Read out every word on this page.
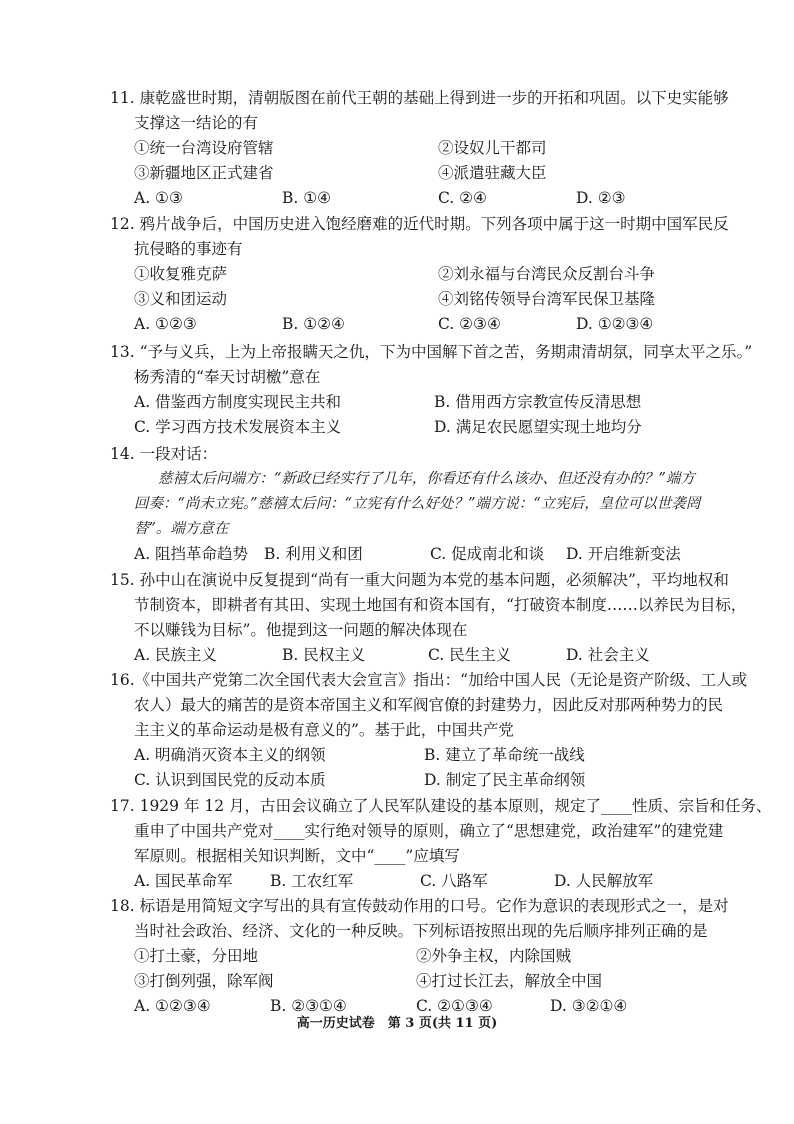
11. 康乾盛世时期，清朝版图在前代王朝的基础上得到进一步的开拓和巩固。以下史实能够
支撑这一结论的有
①统一台湾设府管辖	②设奴儿干都司
③新疆地区正式建省	④派遣驻藏大臣
A. ①③	B. ①④	C. ②④	D. ②③
12. 鸦片战争后，中国历史进入饱经磨难的近代时期。下列各项中属于这一时期中国军民反
抗侵略的事迹有
①收复雅克萨	②刘永福与台湾民众反割台斗争
③义和团运动	④刘铭传领导台湾军民保卫基隆
A. ①②③	B. ①②④	C. ②③④	D. ①②③④
13. “予与义兵，上为上帝报瞒天之仇，下为中国解下首之苦，务期肃清胡氛，同享太平之乐。”
杨秀清的“奉天讨胡檄”意在
A. 借鉴西方制度实现民主共和	B. 借用西方宗教宣传反清思想
C. 学习西方技术发展资本主义	D. 满足农民愿望实现土地均分
14. 一段对话：
慈禧太后问端方：“新政已经实行了几年，你看还有什么该办、但还没有办的？”端方
回奏：“尚未立宪。”慈禧太后问：“立宪有什么好处？”端方说：“立宪后，皇位可以世袭罔
替”。端方意在
A. 阻挡革命趋势 B. 利用义和团	C. 促成南北和谈 D. 开启维新变法
15. 孙中山在演说中反复提到“尚有一重大问题为本党的基本问题，必须解决”，平均地权和
节制资本，即耕者有其田、实现土地国有和资本国有，“打破资本制度……以养民为目标，
不以赚钱为目标”。他提到这一问题的解决体现在
A. 民族主义	B. 民权主义	C. 民生主义	D. 社会主义
16.《中国共产党第二次全国代表大会宣言》指出：“加给中国人民（无论是资产阶级、工人或
农人）最大的痛苦的是资本帝国主义和军阀官僚的封建势力，因此反对那两种势力的民
主主义的革命运动是极有意义的”。基于此，中国共产党
A. 明确消灭资本主义的纲领	B. 建立了革命统一战线
C. 认识到国民党的反动本质	D. 制定了民主革命纲领
17. 1929 年 12 月，古田会议确立了人民军队建设的基本原则，规定了____性质、宗旨和任务、
重申了中国共产党对____实行绝对领导的原则，确立了“思想建党，政治建军”的建党建
军原则。根据相关知识判断，文中“____”应填写
A. 国民革命军 B. 工农红军	C. 八路军	D. 人民解放军
18. 标语是用简短文字写出的具有宣传鼓动作用的口号。它作为意识的表现形式之一，是对
当时社会政治、经济、文化的一种反映。下列标语按照出现的先后顺序排列正确的是
①打土豪，分田地	②外争主权，内除国贼
③打倒列强，除军阀	④打过长江去，解放全中国
A. ①②③④	B. ②③①④	C. ②①③④	D. ③②①④
高一历史试卷　第 3 页(共 11 页)
